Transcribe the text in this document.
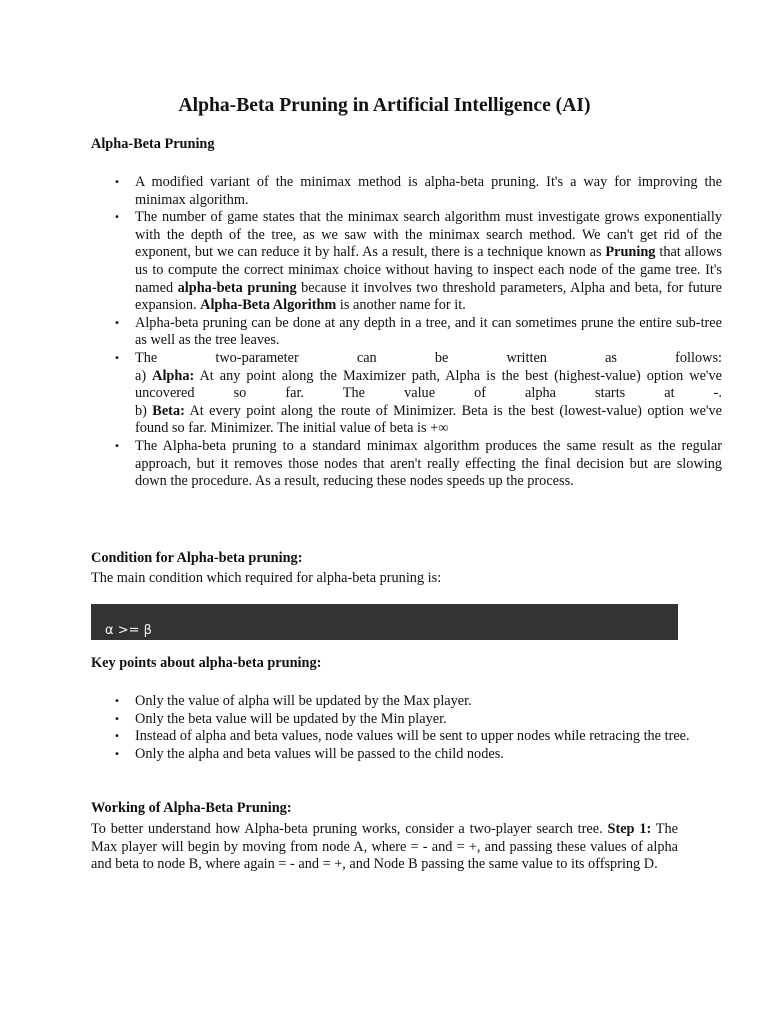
Alpha-Beta Pruning in Artificial Intelligence (AI)
Alpha-Beta Pruning
• A modified variant of the minimax method is alpha-beta pruning. It's a way for improving the minimax algorithm.
• The number of game states that the minimax search algorithm must investigate grows exponentially with the depth of the tree, as we saw with the minimax search method. We can't get rid of the exponent, but we can reduce it by half. As a result, there is a technique known as Pruning that allows us to compute the correct minimax choice without having to inspect each node of the game tree. It's named alpha-beta pruning because it involves two threshold parameters, Alpha and beta, for future expansion. Alpha-Beta Algorithm is another name for it.
• Alpha-beta pruning can be done at any depth in a tree, and it can sometimes prune the entire sub-tree as well as the tree leaves.
• The two-parameter can be written as follows:
a) Alpha: At any point along the Maximizer path, Alpha is the best (highest-value) option we've uncovered so far. The value of alpha starts at -.
b) Beta: At every point along the route of Minimizer. Beta is the best (lowest-value) option we've found so far. Minimizer. The initial value of beta is +∞
• The Alpha-beta pruning to a standard minimax algorithm produces the same result as the regular approach, but it removes those nodes that aren't really effecting the final decision but are slowing down the procedure. As a result, reducing these nodes speeds up the process.
Condition for Alpha-beta pruning:

The main condition which required for alpha-beta pruning is:

α >= β
Key points about alpha-beta pruning:
• Only the value of alpha will be updated by the Max player.
• Only the beta value will be updated by the Min player.
• Instead of alpha and beta values, node values will be sent to upper nodes while retracing the tree.
• Only the alpha and beta values will be passed to the child nodes.
Working of Alpha-Beta Pruning:

To better understand how Alpha-beta pruning works, consider a two-player search tree. Step 1: The Max player will begin by moving from node A, where = - and = +, and passing these values of alpha and beta to node B, where again = - and = +, and Node B passing the same value to its offspring D.
